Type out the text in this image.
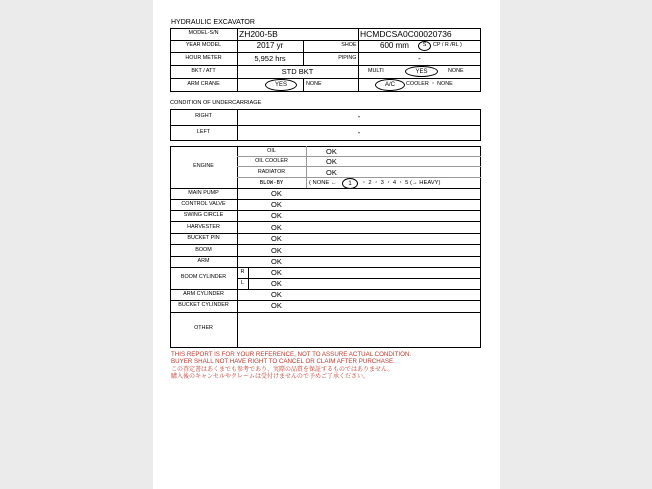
HYDRAULIC EXCAVATOR
MODEL-S/N	ZH200-5B	HCMDCSA0C00020736
YEAR MODEL	2017 yr	SHOE	600 mm	S	CP / R /RL )
HOUR METER	5,952 hrs	PIPING	-
BKT / ATT	STD BKT	MULTI	YES	NONE
ARM CRANE	YES	NONE	A/C	COOLER ・ NONE
CONDITION OF UNDERCARRIAGE
RIGHT	-
LEFT	-
ENGINE
OIL	OK
OIL COOLER	OK
RADIATOR	OK
BLOW-BY	( NONE ←	1	・ 2 ・ 3 ・ 4 ・ 5 (→ HEAVY)
MAIN PUMP	OK
CONTROL VALVE	OK
SWING CIRCLE	OK
HARVESTER	OK
BUCKET PIN	OK
BOOM	OK
ARM	OK
BOOM CYLINDER
R	OK
L	OK
ARM CYLINDER	OK
BUCKET CYLINDER	OK
OTHER
THIS REPORT IS FOR YOUR REFERENCE, NOT TO ASSURE ACTUAL CONDITION.
BUYER SHALL NOT HAVE RIGHT TO CANCEL OR CLAIM AFTER PURCHASE.
この査定書はあくまでも参考であり、実際の品質を保証するものではありません。
購入後のキャンセルやクレームは受付けませんので予めご了承ください。
